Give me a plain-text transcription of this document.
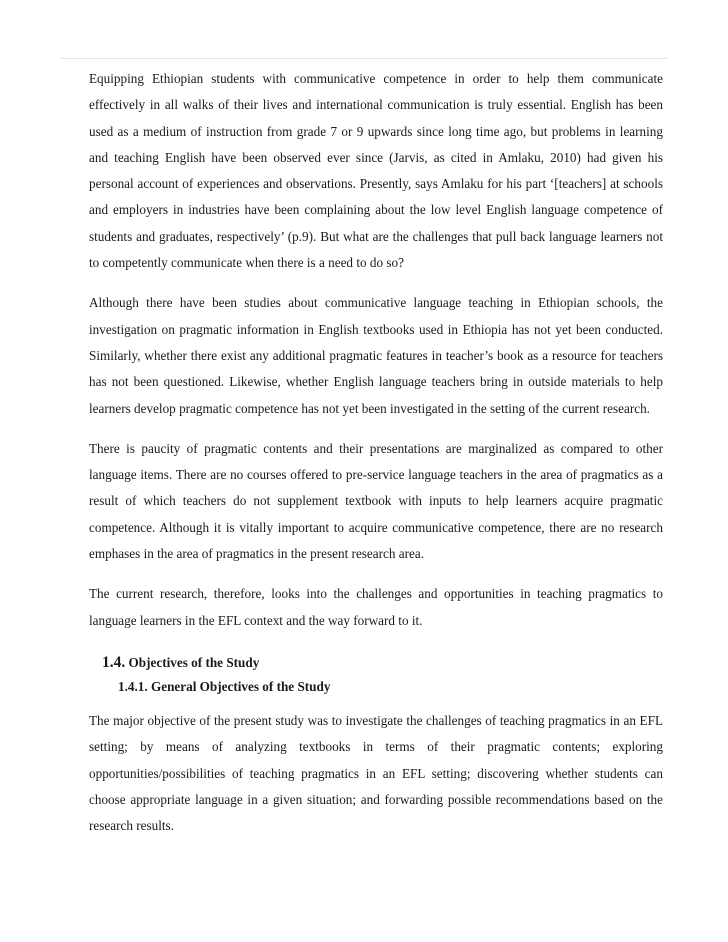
Equipping Ethiopian students with communicative competence in order to help them communicate effectively in all walks of their lives and international communication is truly essential. English has been used as a medium of instruction from grade 7 or 9 upwards since long time ago, but problems in learning and teaching English have been observed ever since (Jarvis, as cited in Amlaku, 2010) had given his personal account of experiences and observations. Presently, says Amlaku for his part ‘[teachers] at schools and employers in industries have been complaining about the low level English language competence of students and graduates, respectively’ (p.9). But what are the challenges that pull back language learners not to competently communicate when there is a need to do so?

Although there have been studies about communicative language teaching in Ethiopian schools, the investigation on pragmatic information in English textbooks used in Ethiopia has not yet been conducted. Similarly, whether there exist any additional pragmatic features in teacher’s book as a resource for teachers has not been questioned. Likewise, whether English language teachers bring in outside materials to help learners develop pragmatic competence has not yet been investigated in the setting of the current research.

There is paucity of pragmatic contents and their presentations are marginalized as compared to other language items. There are no courses offered to pre-service language teachers in the area of pragmatics as a result of which teachers do not supplement textbook with inputs to help learners acquire pragmatic competence. Although it is vitally important to acquire communicative competence, there are no research emphases in the area of pragmatics in the present research area.

The current research, therefore, looks into the challenges and opportunities in teaching pragmatics to language learners in the EFL context and the way forward to it.

1.4. Objectives of the Study
1.4.1. General Objectives of the Study

The major objective of the present study was to investigate the challenges of teaching pragmatics in an EFL setting; by means of analyzing textbooks in terms of their pragmatic contents; exploring opportunities/possibilities of teaching pragmatics in an EFL setting; discovering whether students can choose appropriate language in a given situation; and forwarding possible recommendations based on the research results.
